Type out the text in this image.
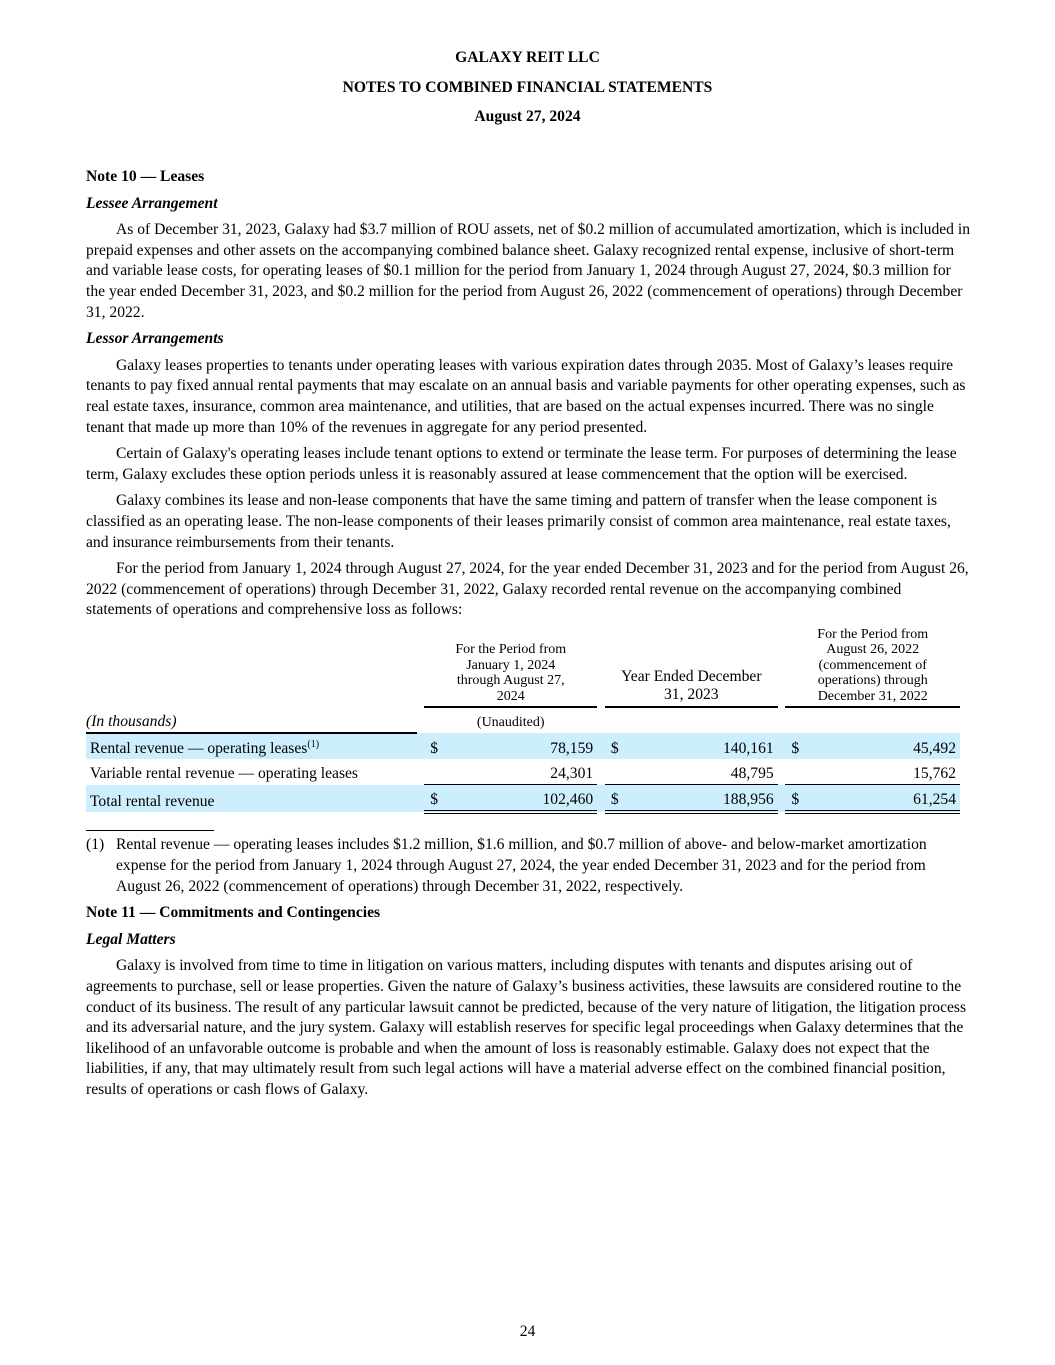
GALAXY REIT LLC
NOTES TO COMBINED FINANCIAL STATEMENTS
August 27, 2024
Note 10 — Leases
Lessee Arrangement

As of December 31, 2023, Galaxy had $3.7 million of ROU assets, net of $0.2 million of accumulated amortization, which is included in prepaid expenses and other assets on the accompanying combined balance sheet. Galaxy recognized rental expense, inclusive of short-term and variable lease costs, for operating leases of $0.1 million for the period from January 1, 2024 through August 27, 2024, $0.3 million for the year ended December 31, 2023, and $0.2 million for the period from August 26, 2022 (commencement of operations) through December 31, 2022.

Lessor Arrangements

Galaxy leases properties to tenants under operating leases with various expiration dates through 2035. Most of Galaxy’s leases require tenants to pay fixed annual rental payments that may escalate on an annual basis and variable payments for other operating expenses, such as real estate taxes, insurance, common area maintenance, and utilities, that are based on the actual expenses incurred. There was no single tenant that made up more than 10% of the revenues in aggregate for any period presented.

Certain of Galaxy's operating leases include tenant options to extend or terminate the lease term. For purposes of determining the lease term, Galaxy excludes these option periods unless it is reasonably assured at lease commencement that the option will be exercised.

Galaxy combines its lease and non-lease components that have the same timing and pattern of transfer when the lease component is classified as an operating lease. The non-lease components of their leases primarily consist of common area maintenance, real estate taxes, and insurance reimbursements from their tenants.

For the period from January 1, 2024 through August 27, 2024, for the year ended December 31, 2023 and for the period from August 26, 2022 (commencement of operations) through December 31, 2022, Galaxy recorded rental revenue on the accompanying combined statements of operations and comprehensive loss as follows:

		For the Period from January 1, 2024 through August 27, 2024			Year Ended December 31, 2023			For the Period from August 26, 2022 (commencement of operations) through December 31, 2022	
(In thousands)		(Unaudited)							
Rental revenue — operating leases$^{(1)}$		$	78,159		$	140,161		$	45,492
Variable rental revenue — operating leases			24,301			48,795			15,762
Total rental revenue		$	102,460		$	188,956		$	61,254
(1) Rental revenue — operating leases includes $1.2 million, $1.6 million, and $0.7 million of above- and below-market amortization expense for the period from January 1, 2024 through August 27, 2024, the year ended December 31, 2023 and for the period from August 26, 2022 (commencement of operations) through December 31, 2022, respectively.
Note 11 — Commitments and Contingencies
Legal Matters

Galaxy is involved from time to time in litigation on various matters, including disputes with tenants and disputes arising out of agreements to purchase, sell or lease properties. Given the nature of Galaxy’s business activities, these lawsuits are considered routine to the conduct of its business. The result of any particular lawsuit cannot be predicted, because of the very nature of litigation, the litigation process and its adversarial nature, and the jury system. Galaxy will establish reserves for specific legal proceedings when Galaxy determines that the likelihood of an unfavorable outcome is probable and when the amount of loss is reasonably estimable. Galaxy does not expect that the liabilities, if any, that may ultimately result from such legal actions will have a material adverse effect on the combined financial position, results of operations or cash flows of Galaxy.

24
